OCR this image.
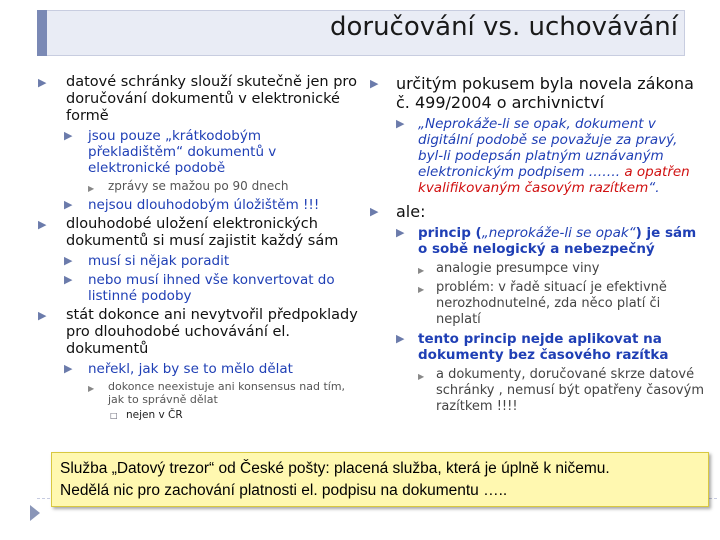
doručování vs. uchovávání
▶ datové schránky slouží skutečně jen pro doručování dokumentů v elektronické formě
▶ jsou pouze „krátkodobým překladištěm“ dokumentů v elektronické podobě
▶ zprávy se mažou po 90 dnech
▶ nejsou dlouhodobým úložištěm !!!
▶ dlouhodobé uložení elektronických dokumentů si musí zajistit každý sám
▶ musí si nějak poradit
▶ nebo musí ihned vše konvertovat do listinné podoby
▶ stát dokonce ani nevytvořil předpoklady pro dlouhodobé uchovávání el. dokumentů
▶ neřekl, jak by se to mělo dělat
▶ dokonce neexistuje ani konsensus nad tím, jak to správně dělat
□ nejen v ČR
▶ určitým pokusem byla novela zákona č. 499/2004 o archivnictví
▶ „Neprokáže-li se opak, dokument v digitální podobě se považuje za pravý, byl-li podepsán platným uznávaným elektronickým podpisem ……. a opatřen kvalifikovaným časovým razítkem“.
▶ ale:
▶ princip („neprokáže-li se opak“) je sám o sobě nelogický a nebezpečný
▶ analogie presumpce viny
▶ problém: v řadě situací je efektivně nerozhodnutelné, zda něco platí či neplatí
▶ tento princip nejde aplikovat na dokumenty bez časového razítka
▶ a dokumenty, doručované skrze datové schránky , nemusí být opatřeny časovým razítkem !!!!
Služba „Datový trezor“ od České pošty: placená služba, která je úplně k ničemu.
Nedělá nic pro zachování platnosti el. podpisu na dokumentu …..
